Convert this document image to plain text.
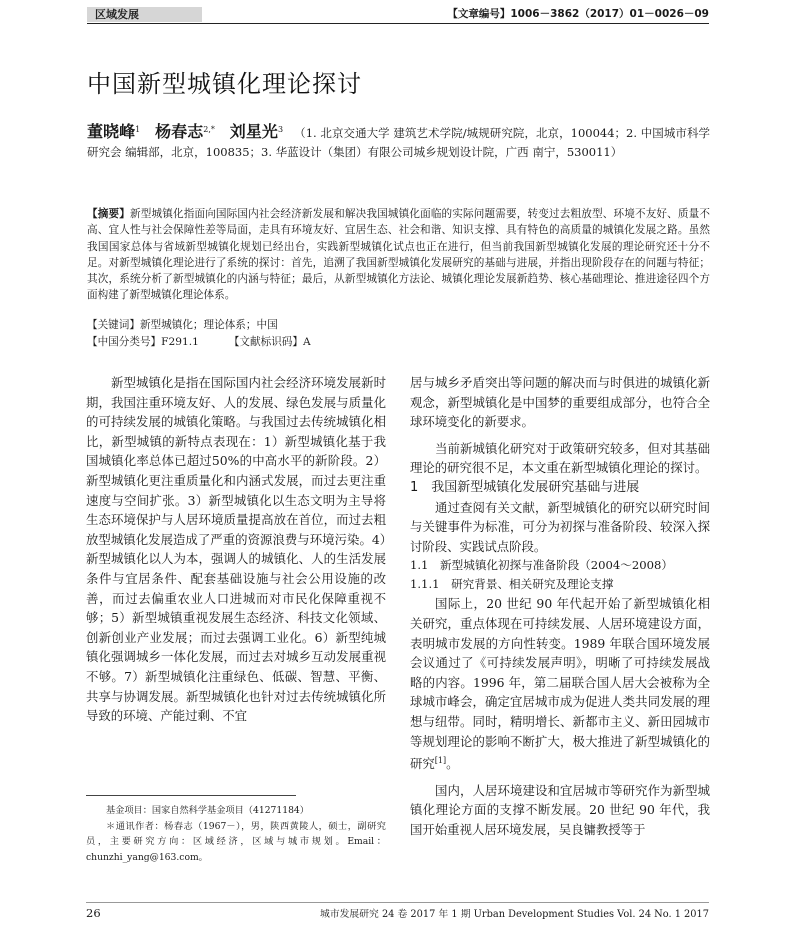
区域发展	【文章编号】1006－3862（2017）01－0026－09
中国新型城镇化理论探讨
董晓峰$^1$ 杨春志$^{2,*}$ 刘星光$^3$ （1. 北京交通大学 建筑艺术学院/城规研究院，北京，100044；2. 中国城市科学研究会 编辑部，北京，100835；3. 华蓝设计（集团）有限公司城乡规划设计院，广西 南宁，530011）
【摘要】新型城镇化指面向国际国内社会经济新发展和解决我国城镇化面临的实际问题需要，转变过去粗放型、环境不友好、质量不高、宜人性与社会保障性差等局面，走具有环境友好、宜居生态、社会和谐、知识支撑、具有特色的高质量的城镇化发展之路。虽然我国国家总体与省域新型城镇化规划已经出台，实践新型城镇化试点也正在进行，但当前我国新型城镇化发展的理论研究还十分不足。对新型城镇化理论进行了系统的探讨：首先，追溯了我国新型城镇化发展研究的基础与进展，并指出现阶段存在的问题与特征；其次，系统分析了新型城镇化的内涵与特征；最后，从新型城镇化方法论、城镇化理论发展新趋势、核心基础理论、推进途径四个方面构建了新型城镇化理论体系。
【关键词】新型城镇化；理论体系；中国
【中国分类号】F291.1	【文献标识码】A

新型城镇化是指在国际国内社会经济环境发展新时期，我国注重环境友好、人的发展、绿色发展与质量化的可持续发展的城镇化策略。与我国过去传统城镇化相比，新型城镇的新特点表现在：1）新型城镇化基于我国城镇化率总体已超过50%的中高水平的新阶段。2）新型城镇化更注重质量化和内涵式发展，而过去更注重速度与空间扩张。3）新型城镇化以生态文明为主导将生态环境保护与人居环境质量提高放在首位，而过去粗放型城镇化发展造成了严重的资源浪费与环境污染。4）新型城镇化以人为本，强调人的城镇化、人的生活发展条件与宜居条件、配套基础设施与社会公用设施的改善，而过去偏重农业人口进城而对市民化保障重视不够；5）新型城镇重视发展生态经济、科技文化领域、创新创业产业发展；而过去强调工业化。6）新型纯城镇化强调城乡一体化发展，而过去对城乡互动发展重视不够。7）新型城镇化注重绿色、低碳、智慧、平衡、共享与协调发展。新型城镇化也针对过去传统城镇化所导致的环境、产能过剩、不宜

居与城乡矛盾突出等问题的解决而与时俱进的城镇化新观念，新型城镇化是中国梦的重要组成部分，也符合全球环境变化的新要求。

当前新城镇化研究对于政策研究较多，但对其基础理论的研究很不足，本文重在新型城镇化理论的探讨。

1　我国新型城镇化发展研究基础与进展

通过查阅有关文献，新型城镇化的研究以研究时间与关键事件为标准，可分为初探与准备阶段、较深入探讨阶段、实践试点阶段。

1.1　新型城镇化初探与准备阶段（2004～2008）

1.1.1　研究背景、相关研究及理论支撑

国际上，20 世纪 90 年代起开始了新型城镇化相关研究，重点体现在可持续发展、人居环境建设方面，表明城市发展的方向性转变。1989 年联合国环境发展会议通过了《可持续发展声明》，明晰了可持续发展战略的内容。1996 年，第二届联合国人居大会被称为全球城市峰会，确定宜居城市成为促进人类共同发展的理想与纽带。同时，精明增长、新都市主义、新田园城市等规划理论的影响不断扩大，极大推进了新型城镇化的研究[1]。

国内，人居环境建设和宜居城市等研究作为新型城镇化理论方面的支撑不断发展。20 世纪 90 年代，我国开始重视人居环境发展，吴良镛教授等于

基金项目：国家自然科学基金项目（41271184）

＊通讯作者：杨春志（1967－），男，陕西黄陵人，硕士，副研究员，主要研究方向：区域经济，区域与城市规划。Email：chunzhi_yang@163.com。

26	城市发展研究 24 卷 2017 年 1 期 Urban Development Studies Vol. 24 No. 1 2017
